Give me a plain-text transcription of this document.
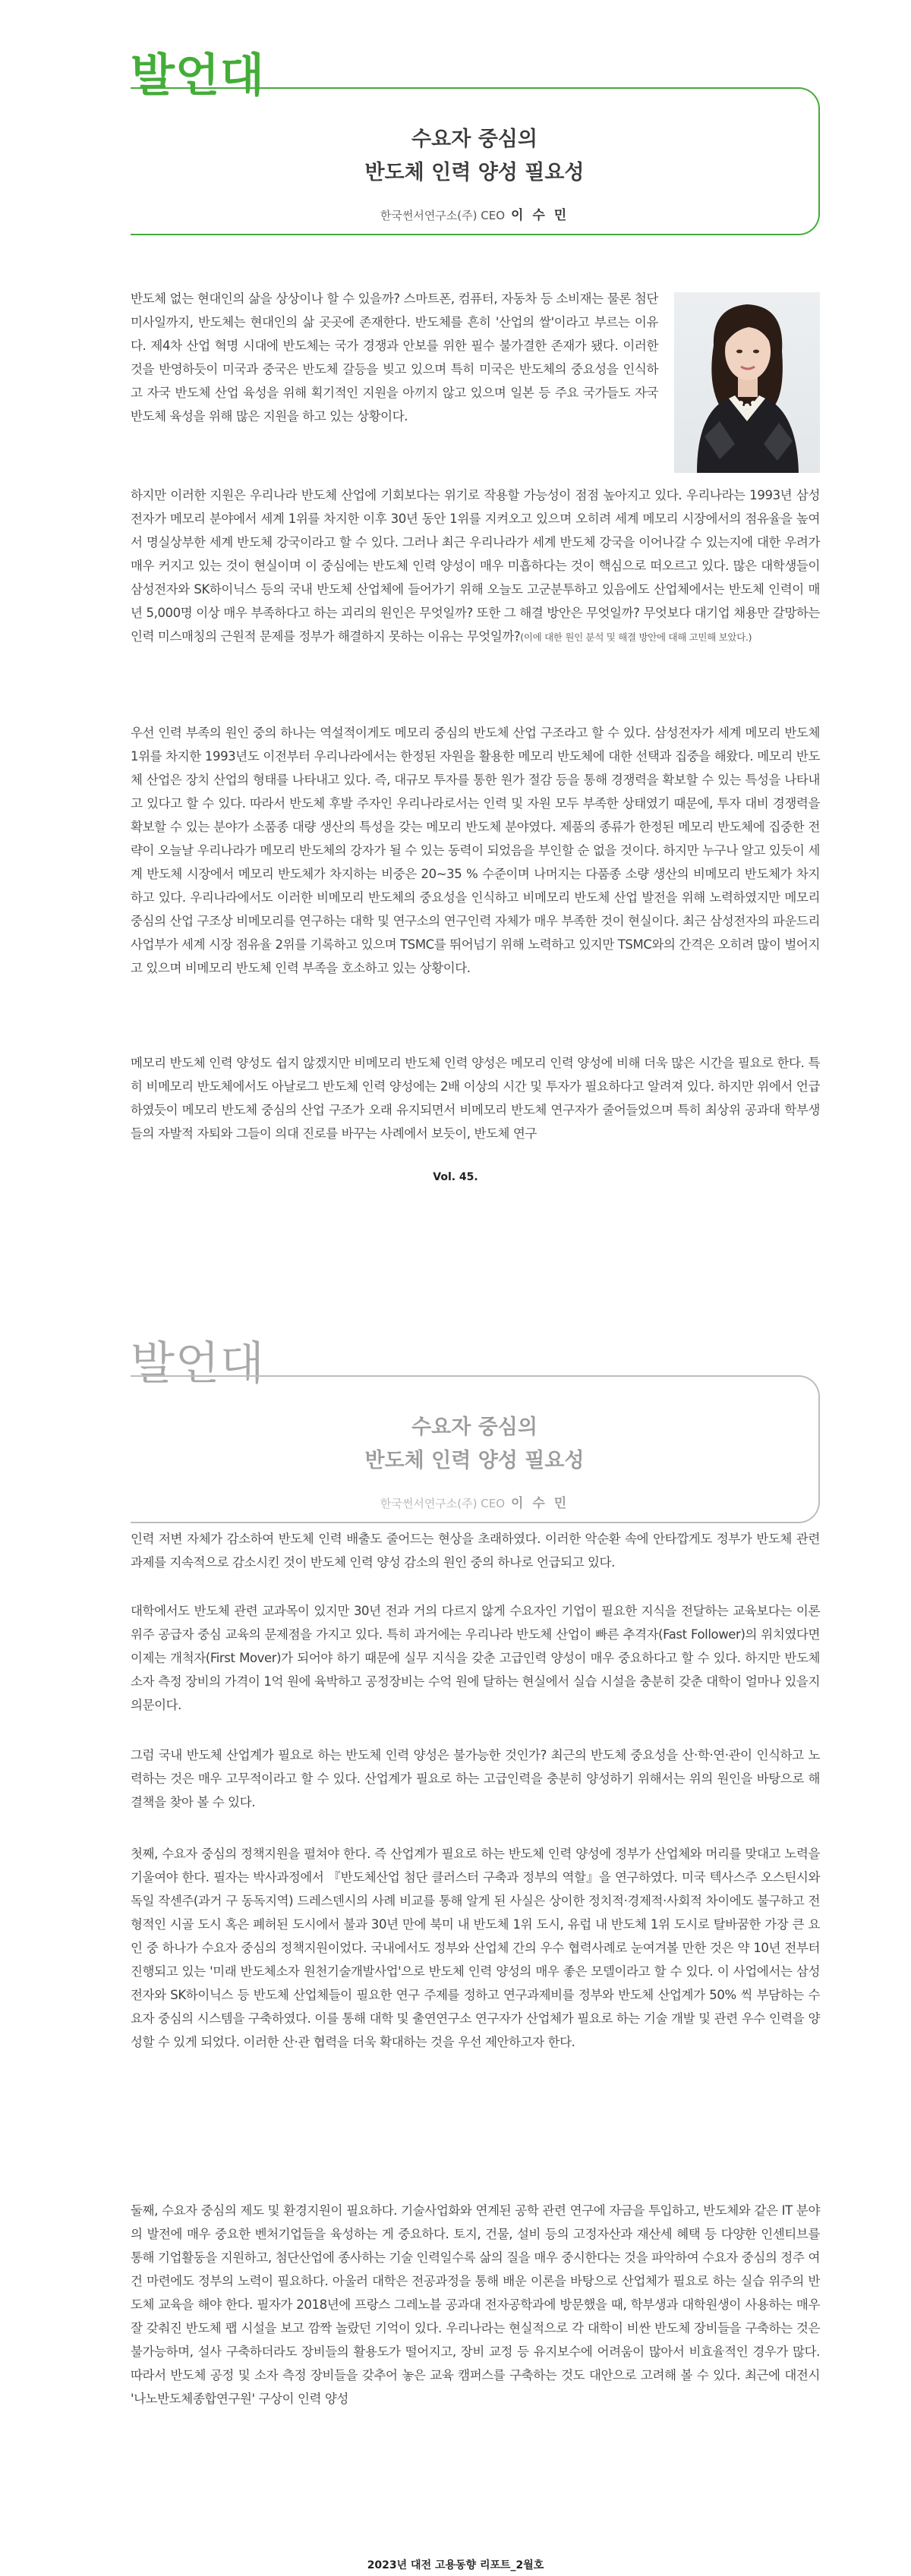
발언대
수요자 중심의
반도체 인력 양성 필요성
한국썬서연구소(주) CEO 이 수 민

반도체 없는 현대인의 삶을 상상이나 할 수 있을까? 스마트폰, 컴퓨터, 자동차 등 소비재는 물론 첨단 미사일까지, 반도체는 현대인의 삶 곳곳에 존재한다. 반도체를 흔히 '산업의 쌀'이라고 부르는 이유다. 제4차 산업 혁명 시대에 반도체는 국가 경쟁과 안보를 위한 필수 불가결한 존재가 됐다. 이러한 것을 반영하듯이 미국과 중국은 반도체 갈등을 빚고 있으며 특히 미국은 반도체의 중요성을 인식하고 자국 반도체 산업 육성을 위해 획기적인 지원을 아끼지 않고 있으며 일본 등 주요 국가들도 자국 반도체 육성을 위해 많은 지원을 하고 있는 상황이다.

하지만 이러한 지원은 우리나라 반도체 산업에 기회보다는 위기로 작용할 가능성이 점점 높아지고 있다. 우리나라는 1993년 삼성전자가 메모리 분야에서 세계 1위를 차지한 이후 30년 동안 1위를 지켜오고 있으며 오히려 세계 메모리 시장에서의 점유율을 높여서 명실상부한 세계 반도체 강국이라고 할 수 있다. 그러나 최근 우리나라가 세계 반도체 강국을 이어나갈 수 있는지에 대한 우려가 매우 커지고 있는 것이 현실이며 이 중심에는 반도체 인력 양성이 매우 미흡하다는 것이 핵심으로 떠오르고 있다. 많은 대학생들이 삼성전자와 SK하이닉스 등의 국내 반도체 산업체에 들어가기 위해 오늘도 고군분투하고 있음에도 산업체에서는 반도체 인력이 매년 5,000명 이상 매우 부족하다고 하는 괴리의 원인은 무엇일까? 또한 그 해결 방안은 무엇일까? 무엇보다 대기업 채용만 갈망하는 인력 미스매칭의 근원적 문제를 정부가 해결하지 못하는 이유는 무엇일까?(이에 대한 원인 분석 및 해결 방안에 대해 고민해 보았다.)

우선 인력 부족의 원인 중의 하나는 역설적이게도 메모리 중심의 반도체 산업 구조라고 할 수 있다. 삼성전자가 세계 메모리 반도체 1위를 차지한 1993년도 이전부터 우리나라에서는 한정된 자원을 활용한 메모리 반도체에 대한 선택과 집중을 해왔다. 메모리 반도체 산업은 장치 산업의 형태를 나타내고 있다. 즉, 대규모 투자를 통한 원가 절감 등을 통해 경쟁력을 확보할 수 있는 특성을 나타내고 있다고 할 수 있다. 따라서 반도체 후발 주자인 우리나라로서는 인력 및 자원 모두 부족한 상태였기 때문에, 투자 대비 경쟁력을 확보할 수 있는 분야가 소품종 대량 생산의 특성을 갖는 메모리 반도체 분야였다. 제품의 종류가 한정된 메모리 반도체에 집중한 전략이 오늘날 우리나라가 메모리 반도체의 강자가 될 수 있는 동력이 되었음을 부인할 순 없을 것이다. 하지만 누구나 알고 있듯이 세계 반도체 시장에서 메모리 반도체가 차지하는 비중은 20~35 % 수준이며 나머지는 다품종 소량 생산의 비메모리 반도체가 차지하고 있다. 우리나라에서도 이러한 비메모리 반도체의 중요성을 인식하고 비메모리 반도체 산업 발전을 위해 노력하였지만 메모리 중심의 산업 구조상 비메모리를 연구하는 대학 및 연구소의 연구인력 자체가 매우 부족한 것이 현실이다. 최근 삼성전자의 파운드리 사업부가 세계 시장 점유율 2위를 기록하고 있으며 TSMC를 뛰어넘기 위해 노력하고 있지만 TSMC와의 간격은 오히려 많이 벌어지고 있으며 비메모리 반도체 인력 부족을 호소하고 있는 상황이다.

메모리 반도체 인력 양성도 쉽지 않겠지만 비메모리 반도체 인력 양성은 메모리 인력 양성에 비해 더욱 많은 시간을 필요로 한다. 특히 비메모리 반도체에서도 아날로그 반도체 인력 양성에는 2배 이상의 시간 및 투자가 필요하다고 알려져 있다. 하지만 위에서 언급하였듯이 메모리 반도체 중심의 산업 구조가 오래 유지되면서 비메모리 반도체 연구자가 줄어들었으며 특히 최상위 공과대 학부생들의 자발적 자퇴와 그들이 의대 진로를 바꾸는 사례에서 보듯이, 반도체 연구

Vol. 45.
발언대
수요자 중심의
반도체 인력 양성 필요성
한국썬서연구소(주) CEO 이 수 민

인력 저변 자체가 감소하여 반도체 인력 배출도 줄어드는 현상을 초래하였다. 이러한 악순환 속에 안타깝게도 정부가 반도체 관련 과제를 지속적으로 감소시킨 것이 반도체 인력 양성 감소의 원인 중의 하나로 언급되고 있다.

대학에서도 반도체 관련 교과목이 있지만 30년 전과 거의 다르지 않게 수요자인 기업이 필요한 지식을 전달하는 교육보다는 이론 위주 공급자 중심 교육의 문제점을 가지고 있다. 특히 과거에는 우리나라 반도체 산업이 빠른 추격자(Fast Follower)의 위치였다면 이제는 개척자(First Mover)가 되어야 하기 때문에 실무 지식을 갖춘 고급인력 양성이 매우 중요하다고 할 수 있다. 하지만 반도체 소자 측정 장비의 가격이 1억 원에 육박하고 공정장비는 수억 원에 달하는 현실에서 실습 시설을 충분히 갖춘 대학이 얼마나 있을지 의문이다.

그럼 국내 반도체 산업계가 필요로 하는 반도체 인력 양성은 불가능한 것인가? 최근의 반도체 중요성을 산·학·연·관이 인식하고 노력하는 것은 매우 고무적이라고 할 수 있다. 산업계가 필요로 하는 고급인력을 충분히 양성하기 위해서는 위의 원인을 바탕으로 해결책을 찾아 볼 수 있다.

첫째, 수요자 중심의 정책지원을 펼쳐야 한다. 즉 산업계가 필요로 하는 반도체 인력 양성에 정부가 산업체와 머리를 맞대고 노력을 기울여야 한다. 필자는 박사과정에서 『반도체산업 첨단 클러스터 구축과 정부의 역할』을 연구하였다. 미국 텍사스주 오스틴시와 독일 작센주(과거 구 동독지역) 드레스덴시의 사례 비교를 통해 알게 된 사실은 상이한 정치적·경제적·사회적 차이에도 불구하고 전형적인 시골 도시 혹은 폐허된 도시에서 불과 30년 만에 북미 내 반도체 1위 도시, 유럽 내 반도체 1위 도시로 탈바꿈한 가장 큰 요인 중 하나가 수요자 중심의 정책지원이었다. 국내에서도 정부와 산업체 간의 우수 협력사례로 눈여겨볼 만한 것은 약 10년 전부터 진행되고 있는 '미래 반도체소자 원천기술개발사업'으로 반도체 인력 양성의 매우 좋은 모델이라고 할 수 있다. 이 사업에서는 삼성전자와 SK하이닉스 등 반도체 산업체들이 필요한 연구 주제를 정하고 연구과제비를 정부와 반도체 산업계가 50% 씩 부담하는 수요자 중심의 시스템을 구축하였다. 이를 통해 대학 및 출연연구소 연구자가 산업체가 필요로 하는 기술 개발 및 관련 우수 인력을 양성할 수 있게 되었다. 이러한 산·관 협력을 더욱 확대하는 것을 우선 제안하고자 한다.

둘째, 수요자 중심의 제도 및 환경지원이 필요하다. 기술사업화와 연계된 공학 관련 연구에 자금을 투입하고, 반도체와 같은 IT 분야의 발전에 매우 중요한 벤처기업들을 육성하는 게 중요하다. 토지, 건물, 설비 등의 고정자산과 재산세 혜택 등 다양한 인센티브를 통해 기업활동을 지원하고, 첨단산업에 종사하는 기술 인력일수록 삶의 질을 매우 중시한다는 것을 파악하여 수요자 중심의 정주 여건 마련에도 정부의 노력이 필요하다. 아울러 대학은 전공과정을 통해 배운 이론을 바탕으로 산업체가 필요로 하는 실습 위주의 반도체 교육을 해야 한다. 필자가 2018년에 프랑스 그레노블 공과대 전자공학과에 방문했을 때, 학부생과 대학원생이 사용하는 매우 잘 갖춰진 반도체 팹 시설을 보고 깜짝 놀랐던 기억이 있다. 우리나라는 현실적으로 각 대학이 비싼 반도체 장비들을 구축하는 것은 불가능하며, 설사 구축하더라도 장비들의 활용도가 떨어지고, 장비 교정 등 유지보수에 어려움이 많아서 비효율적인 경우가 많다. 따라서 반도체 공정 및 소자 측정 장비들을 갖추어 놓은 교육 캠퍼스를 구축하는 것도 대안으로 고려해 볼 수 있다. 최근에 대전시 '나노반도체종합연구원' 구상이 인력 양성

2023년 대전 고용동향 리포트_2월호
